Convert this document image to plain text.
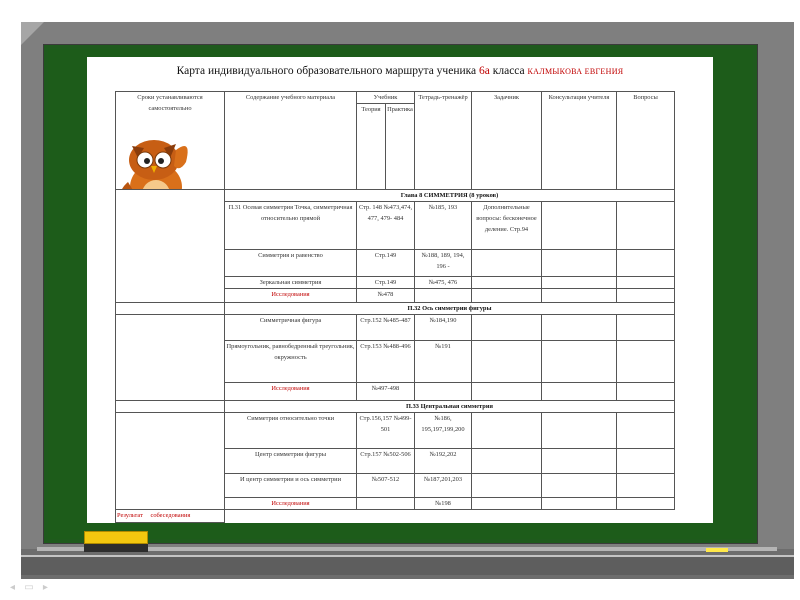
Карта индивидуального образовательного маршрута ученика 6а класса КАЛМЫКОВА ЕВГЕНИЯ
Сроки устанавливаются самостоятельно	Содержание учебного материала	Учебник		Тетрадь-тренажёр	Задачник	Консультация учителя	Вопросы
		Теория	Практика				
	Глава 8 СИММЕТРИЯ (8 уроков)						
	П.31 Осевая симметрия Точка, симметричная относительно прямой	Стр. 148 №473,474, 477, 479- 484		№185, 193	Дополнительные вопросы: бесконечное деление. Стр.94		
	Симметрия и равенство	Стр.149		№188, 189, 194, 196 -			
	Зеркальная симметрия	Стр.149		№475, 476			
	Исследования	№478					
	П.32 Ось симметрии фигуры						
	Симметричная фигура	Стр.152 №485-487		№184,190			
	Прямоугольник, равнобедренный треугольник, окружность	Стр.153 №488-496		№191			
	Исследования	№497-498					
	П.33 Центральная симметрия						
	Симметрия относительно точки	Стр.156,157 №499-501		№186, 195,197,199,200			
	Центр симметрии фигуры	Стр.157 №502-506		№192,202			
	И центр симметрии и ось симметрии	№507-512		№187,201,203			
	Исследования			№198			
Результат собеседования							
◂ ▭ ▸
